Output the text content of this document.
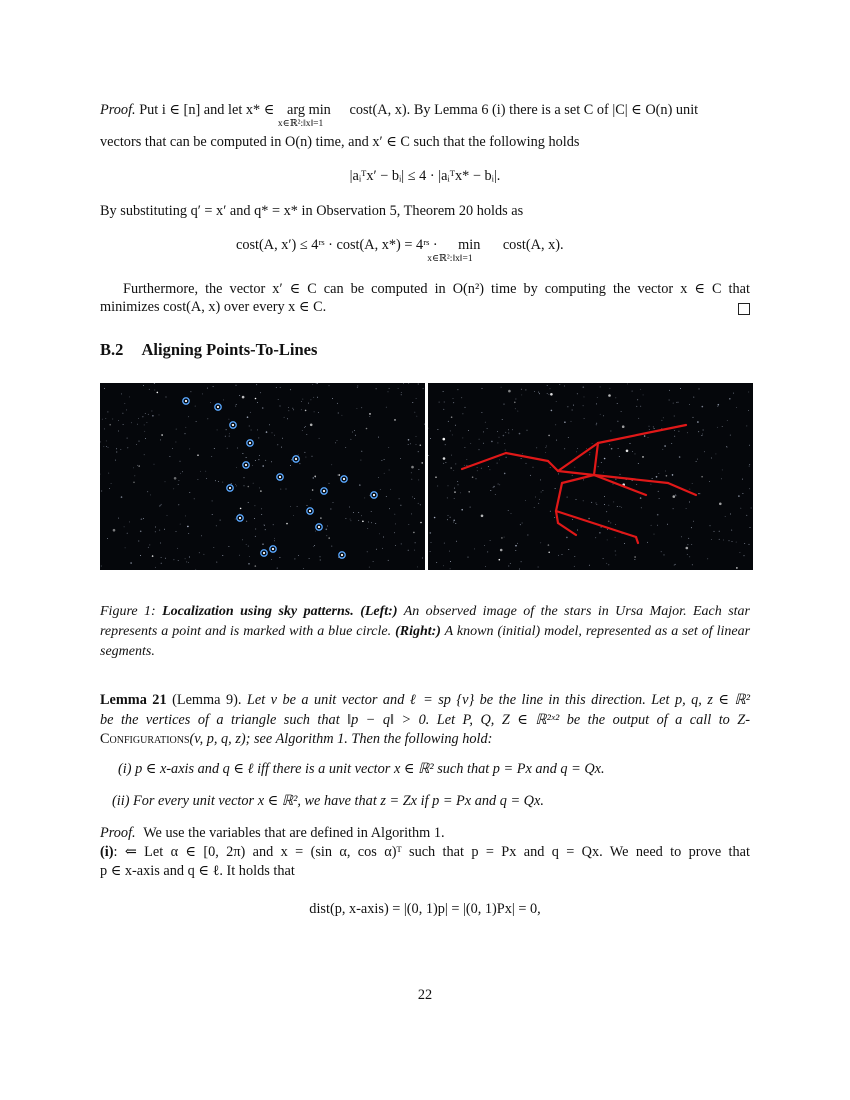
Proof. Put i ∈ [n] and let x* ∈ arg min
x∈ℝ²:‖x‖=1
cost(A, x). By Lemma 6 (i) there is a set C of |C| ∈ O(n) unit
vectors that can be computed in O(n) time, and x′ ∈ C such that the following holds
|aᵢᵀx′ − bᵢ| ≤ 4 · |aᵢᵀx* − bᵢ|.
By substituting q′ = x′ and q* = x* in Observation 5, Theorem 20 holds as
cost(A, x′) ≤ 4ʳˢ · cost(A, x*) = 4ʳˢ · min
x∈ℝ²:‖x‖=1
cost(A, x).
Furthermore, the vector x′ ∈ C can be computed in O(n²) time by computing the vector x ∈ C that
minimizes cost(A, x) over every x ∈ C.
B.2 Aligning Points-To-Lines
Figure 1: Localization using sky patterns. (Left:) An observed image of the stars in Ursa Major. Each star represents a point and is marked with a blue circle. (Right:) A known (initial) model, represented as a set of linear segments.
Lemma 21 (Lemma 9). Let v be a unit vector and ℓ = sp {v} be the line in this direction. Let p, q, z ∈ ℝ²
be the vertices of a triangle such that ‖p − q‖ > 0. Let P, Q, Z ∈ ℝ²ˣ² be the output of a call to Z-
Configurations(v, p, q, z); see Algorithm 1. Then the following hold:
(i) p ∈ x-axis and q ∈ ℓ iff there is a unit vector x ∈ ℝ² such that p = Px and q = Qx.
(ii) For every unit vector x ∈ ℝ², we have that z = Zx if p = Px and q = Qx.
Proof. We use the variables that are defined in Algorithm 1.
(i): ⇐ Let α ∈ [0, 2π) and x = (sin α, cos α)ᵀ such that p = Px and q = Qx. We need to prove that
p ∈ x-axis and q ∈ ℓ. It holds that
dist(p, x-axis) = |(0, 1)p| = |(0, 1)Px| = 0,
22
